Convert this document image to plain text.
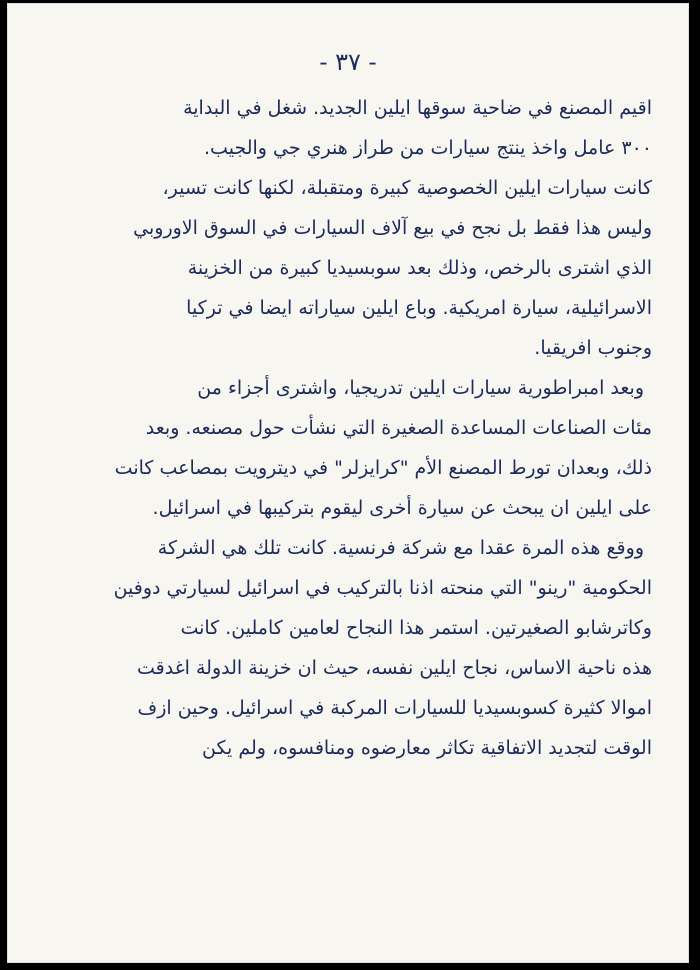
- ٣٧ -
اقيم المصنع في ضاحية سوقها ايلين الجديد. شغل في البداية
٣٠٠ عامل واخذ ينتج سيارات من طراز هنري جي والجيب.
كانت سيارات ايلين الخصوصية كبيرة ومتقبلة، لكنها كانت تسير،
وليس هذا فقط بل نجح في بيع آلاف السيارات في السوق الاوروبي
الذي اشترى بالرخص، وذلك بعد سوبسيديا كبيرة من الخزينة
الاسرائيلية، سيارة امريكية. وباع ايلين سياراته ايضا في تركيا
وجنوب افريقيا.
وبعد امبراطورية سيارات ايلين تدريجيا، واشترى أجزاء من
مئات الصناعات المساعدة الصغيرة التي نشأت حول مصنعه. وبعد
ذلك، وبعدان تورط المصنع الأم "كرايزلر" في ديترويت بمصاعب كانت
على ايلين ان يبحث عن سيارة أخرى ليقوم بتركيبها في اسرائيل.
ووقع هذه المرة عقدا مع شركة فرنسية. كانت تلك هي الشركة
الحكومية "رينو" التي منحته اذنا بالتركيب في اسرائيل لسيارتي دوفين
وكاترشابو الصغيرتين. استمر هذا النجاح لعامين كاملين. كانت
هذه ناحية الاساس، نجاح ايلين نفسه، حيث ان خزينة الدولة اغدقت
اموالا كثيرة كسوبسيديا للسيارات المركبة في اسرائيل. وحين ازف
الوقت لتجديد الاتفاقية تكاثر معارضوه ومنافسوه، ولم يكن
